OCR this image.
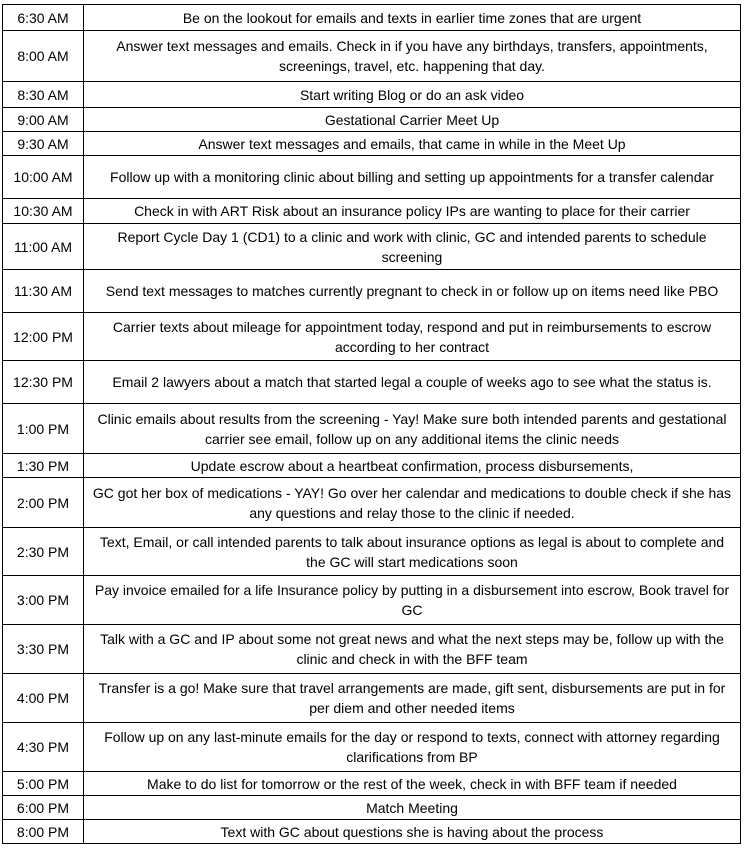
6:30 AM	Be on the lookout for emails and texts in earlier time zones that are urgent
8:00 AM	Answer text messages and emails. Check in if you have any birthdays, transfers, appointments, screenings, travel, etc. happening that day.
8:30 AM	Start writing Blog or do an ask video
9:00 AM	Gestational Carrier Meet Up
9:30 AM	Answer text messages and emails, that came in while in the Meet Up
10:00 AM	Follow up with a monitoring clinic about billing and setting up appointments for a transfer calendar
10:30 AM	Check in with ART Risk about an insurance policy IPs are wanting to place for their carrier
11:00 AM	Report Cycle Day 1 (CD1) to a clinic and work with clinic, GC and intended parents to schedule screening
11:30 AM	Send text messages to matches currently pregnant to check in or follow up on items need like PBO
12:00 PM	Carrier texts about mileage for appointment today, respond and put in reimbursements to escrow according to her contract
12:30 PM	Email 2 lawyers about a match that started legal a couple of weeks ago to see what the status is.
1:00 PM	Clinic emails about results from the screening - Yay! Make sure both intended parents and gestational carrier see email, follow up on any additional items the clinic needs
1:30 PM	Update escrow about a heartbeat confirmation, process disbursements,
2:00 PM	GC got her box of medications - YAY! Go over her calendar and medications to double check if she has any questions and relay those to the clinic if needed.
2:30 PM	Text, Email, or call intended parents to talk about insurance options as legal is about to complete and the GC will start medications soon
3:00 PM	Pay invoice emailed for a life Insurance policy by putting in a disbursement into escrow, Book travel for GC
3:30 PM	Talk with a GC and IP about some not great news and what the next steps may be, follow up with the clinic and check in with the BFF team
4:00 PM	Transfer is a go! Make sure that travel arrangements are made, gift sent, disbursements are put in for per diem and other needed items
4:30 PM	Follow up on any last-minute emails for the day or respond to texts, connect with attorney regarding clarifications from BP
5:00 PM	Make to do list for tomorrow or the rest of the week, check in with BFF team if needed
6:00 PM	Match Meeting
8:00 PM	Text with GC about questions she is having about the process
